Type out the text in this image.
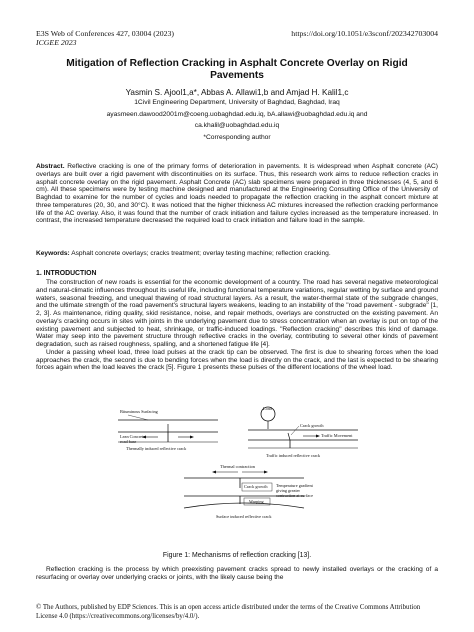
E3S Web of Conferences 427, 03004 (2023)
ICGEE 2023
https://doi.org/10.1051/e3sconf/202342703004
Mitigation of Reflection Cracking in Asphalt Concrete Overlay on Rigid Pavements
Yasmin S. Ajool1,a*, Abbas A. Allawi1,b and Amjad H. Kalil1,c

1Civil Engineering Department, University of Baghdad, Baghdad, Iraq

ayasmeen.dawood2001m@coeng.uobaghdad.edu.iq, bA.allawi@uobaghdad.edu.iq and

ca.khalil@uobaghdad.edu.iq

*Corresponding author

Abstract. Reflective cracking is one of the primary forms of deterioration in pavements. It is widespread when Asphalt concrete (AC) overlays are built over a rigid pavement with discontinuities on its surface. Thus, this research work aims to reduce reflection cracks in asphalt concrete overlay on the rigid pavement. Asphalt Concrete (AC) slab specimens were prepared in three thicknesses (4, 5, and 6 cm). All these specimens were by testing machine designed and manufactured at the Engineering Consulting Office of the University of Baghdad to examine for the number of cycles and loads needed to propagate the reflection cracking in the asphalt concert mixture at three temperatures (20, 30, and 30°C). It was noticed that the higher thickness AC mixtures increased the reflection cracking performance life of the AC overlay. Also, it was found that the number of crack initiation and failure cycles increased as the temperature increased. In contrast, the increased temperature decreased the required load to crack initiation and failure load in the sample.

Keywords: Asphalt concrete overlays; cracks treatment; overlay testing machine; reflection cracking.

1. INTRODUCTION

The construction of new roads is essential for the economic development of a country. The road has several negative meteorological and natural-climatic influences throughout its useful life, including functional temperature variations, regular wetting by surface and ground waters, seasonal freezing, and unequal thawing of road structural layers. As a result, the water-thermal state of the subgrade changes, and the ultimate strength of the road pavement's structural layers weakens, leading to an instability of the "road pavement - subgrade" [1, 2, 3]. As maintenance, riding quality, skid resistance, noise, and repair methods, overlays are constructed on the existing pavement. An overlay's cracking occurs in sites with joints in the underlying pavement due to stress concentration when an overlay is put on top of the existing pavement and subjected to heat, shrinkage, or traffic-induced loadings. "Reflection cracking" describes this kind of damage. Water may seep into the pavement structure through reflective cracks in the overlay, contributing to several other kinds of pavement degradation, such as raised roughness, spalling, and a shortened fatigue life [4].

Under a passing wheel load, three load pulses at the crack tip can be observed. The first is due to shearing forces when the load approaches the crack, the second is due to bending forces when the load is directly on the crack, and the last is expected to be shearing forces again when the load leaves the crack [5]. Figure 1 presents these pulses of the different locations of the wheel load.

Bituminous Surfacing
Lean Concrete
road base
Thermally induced reflective crack
Load
Crack growth
Traffic Movement
Traffic induced reflective crack
Thermal contraction
Crack growth
Warping
Temperature gradient
giving greater
contraction at surface
Surface induced reflective crack
Figure 1: Mechanisms of reflection cracking [13].

Reflection cracking is the process by which preexisting pavement cracks spread to newly installed overlays or the cracking of a resurfacing or overlay over underlying cracks or joints, with the likely cause being the

© The Authors, published by EDP Sciences. This is an open access article distributed under the terms of the Creative Commons Attribution License 4.0 (https://creativecommons.org/licenses/by/4.0/).
